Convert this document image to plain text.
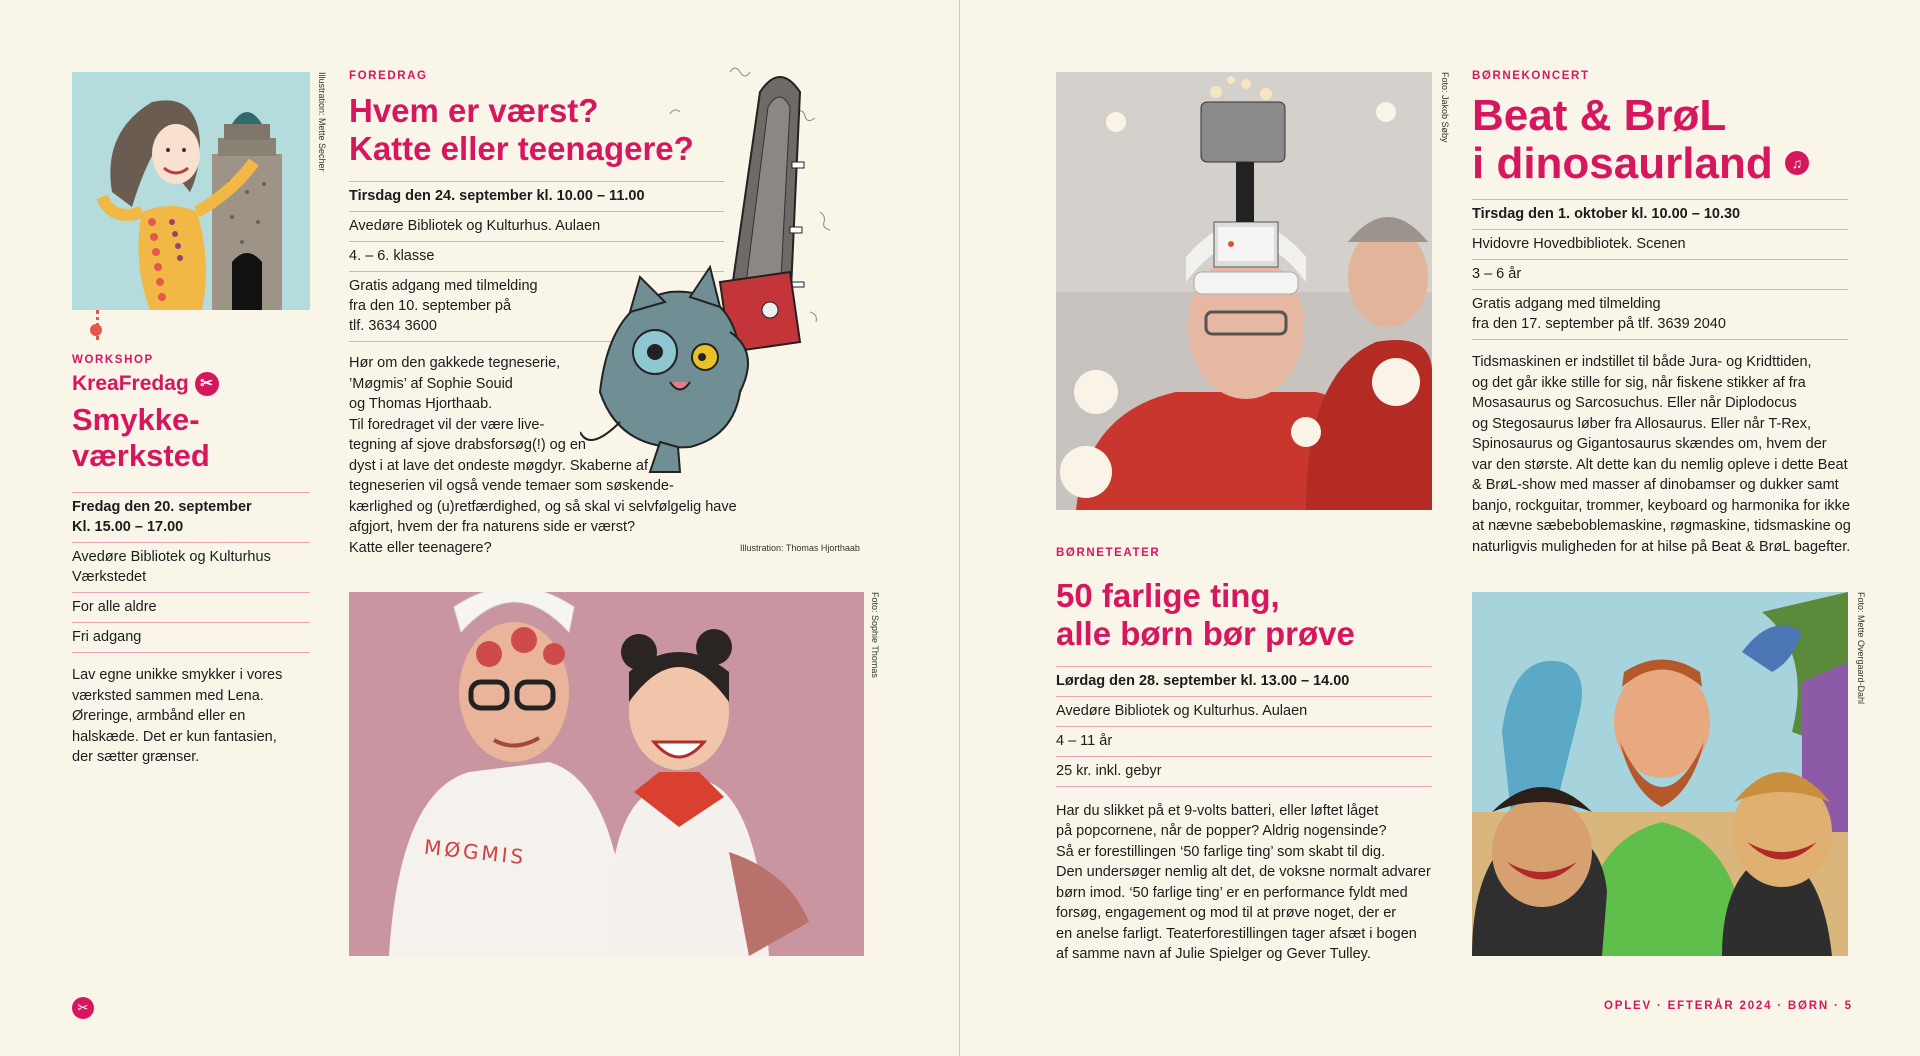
Illustration: Mette Secher
WORKSHOP
KreaFredag ✂
Smykke-
værksted
Fredag den 20. september
Kl. 15.00 – 17.00
Avedøre Bibliotek og Kulturhus
Værkstedet
For alle aldre
Fri adgang
Lav egne unikke smykker i vores
værksted sammen med Lena.
Øreringe, armbånd eller en
halskæde. Det er kun fantasien,
der sætter grænser.
FOREDRAG
Hvem er værst?
Katte eller teenagere?
Tirsdag den 24. september kl. 10.00 – 11.00
Avedøre Bibliotek og Kulturhus. Aulaen
4. – 6. klasse
Gratis adgang med tilmelding
fra den 10. september på
tlf. 3634 3600
Hør om den gakkede tegneserie,
’Møgmis’ af Sophie Souid
og Thomas Hjorthaab.
Til foredraget vil der være live-
tegning af sjove drabsforsøg(!) og en
dyst i at lave det ondeste møgdyr. Skaberne af
tegneserien vil også vende temaer som søskende-
kærlighed og (u)retfærdighed, og så skal vi selvfølgelig have
afgjort, hvem der fra naturens side er værst?
Katte eller teenagere?	Illustration: Thomas Hjorthaab
MØGMIS
Foto: Sophie Thomas
✂
Foto: Jakob Søby BØRNEKONCERT
Beat & BrøL
i dinosaurland ♫
Tirsdag den 1. oktober kl. 10.00 – 10.30
Hvidovre Hovedbibliotek. Scenen
3 – 6 år
Gratis adgang med tilmelding
fra den 17. september på tlf. 3639 2040
Tidsmaskinen er indstillet til både Jura- og Kridttiden,
og det går ikke stille for sig, når fiskene stikker af fra
Mosasaurus og Sarcosuchus. Eller når Diplodocus
og Stegosaurus løber fra Allosaurus. Eller når T-Rex,
Spinosaurus og Gigantosaurus skændes om, hvem der
var den største. Alt dette kan du nemlig opleve i dette Beat
& BrøL-show med masser af dinobamser og dukker samt
banjo, rockguitar, trommer, keyboard og harmonika for ikke
at nævne sæbeboblemaskine, røgmaskine, tidsmaskine og
naturligvis muligheden for at hilse på Beat & BrøL bagefter.
BØRNETEATER
50 farlige ting,
alle børn bør prøve
Lørdag den 28. september kl. 13.00 – 14.00
Avedøre Bibliotek og Kulturhus. Aulaen
4 – 11 år
25 kr. inkl. gebyr
Har du slikket på et 9-volts batteri, eller løftet låget
på popcornene, når de popper? Aldrig nogensinde?
Så er forestillingen ‘50 farlige ting’ som skabt til dig.
Den undersøger nemlig alt det, de voksne normalt advarer
børn imod. ‘50 farlige ting’ er en performance fyldt med
forsøg, engagement og mod til at prøve noget, der er
en anelse farligt. Teaterforestillingen tager afsæt i bogen
af samme navn af Julie Spielger og Gever Tulley.
Foto: Mette Overgaard-Dahl
OPLEV · EFTERÅR 2024 · BØRN · 5
